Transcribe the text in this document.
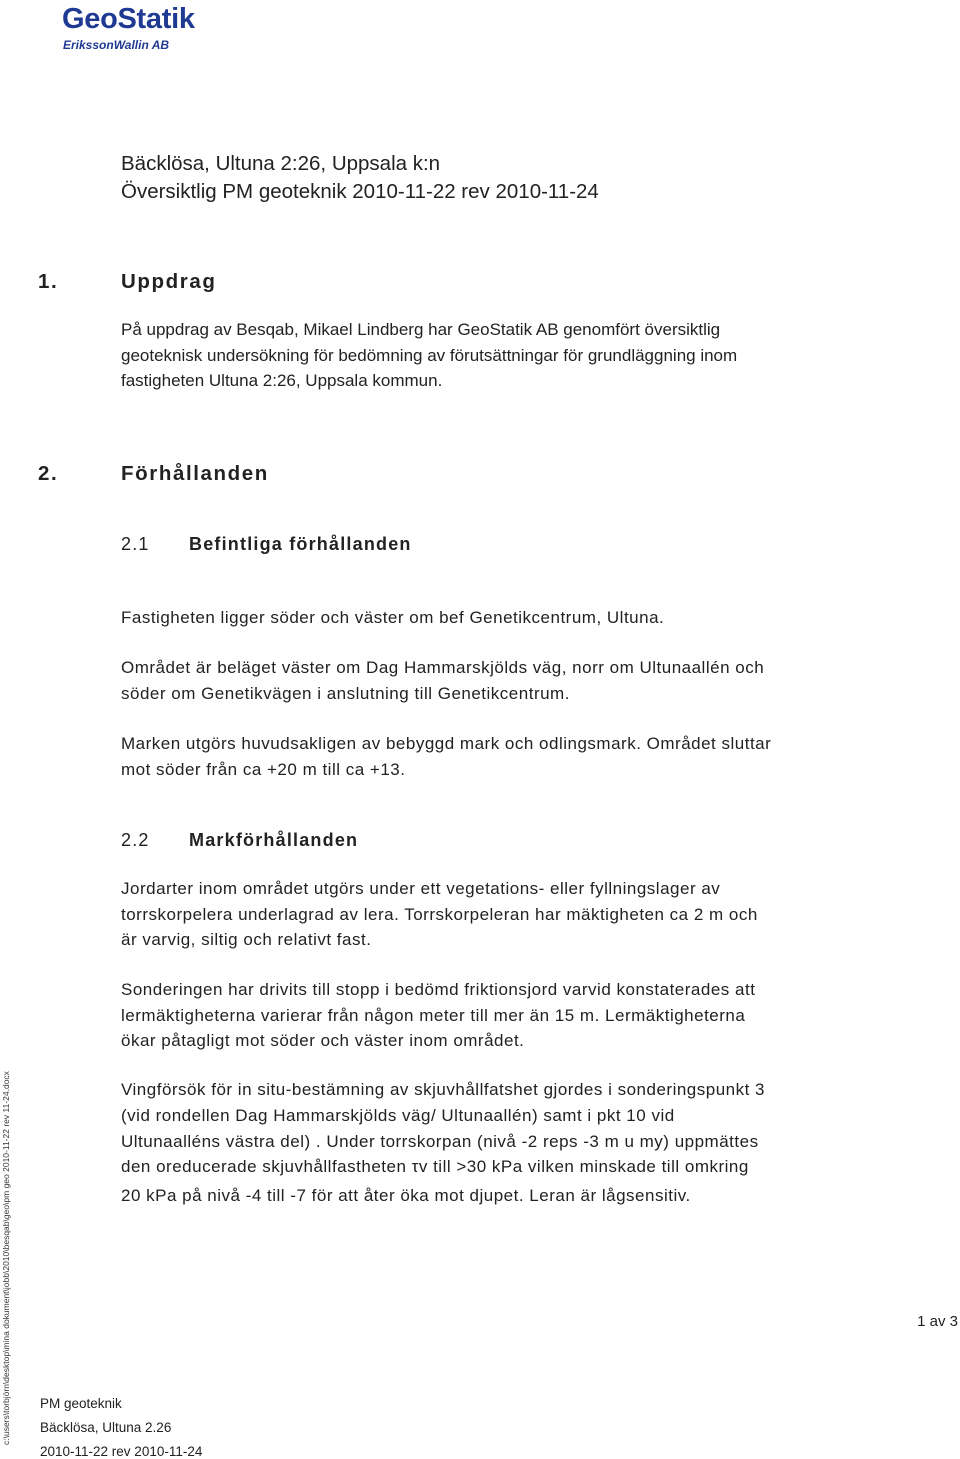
GeoStatik
ErikssonWallin AB
Bäcklösa, Ultuna 2:26, Uppsala k:n
Översiktlig PM geoteknik 2010-11-22 rev 2010-11-24
1.	Uppdrag
På uppdrag av Besqab, Mikael Lindberg har GeoStatik AB genomfört översiktlig
geoteknisk undersökning för bedömning av förutsättningar för grundläggning inom
fastigheten Ultuna 2:26, Uppsala kommun.
2.	Förhållanden
2.1 Befintliga förhållanden
Fastigheten ligger söder och väster om bef Genetikcentrum, Ultuna.
Området är beläget väster om Dag Hammarskjölds väg, norr om Ultunaallén och
söder om Genetikvägen i anslutning till Genetikcentrum.
Marken utgörs huvudsakligen av bebyggd mark och odlingsmark. Området sluttar
mot söder från ca +20 m till ca +13.
2.2 Markförhållanden
Jordarter inom området utgörs under ett vegetations- eller fyllningslager av
torrskorpelera underlagrad av lera. Torrskorpeleran har mäktigheten ca 2 m och
är varvig, siltig och relativt fast.
Sonderingen har drivits till stopp i bedömd friktionsjord varvid konstaterades att
lermäktigheterna varierar från någon meter till mer än 15 m. Lermäktigheterna
ökar påtagligt mot söder och väster inom området.
Vingförsök för in situ-bestämning av skjuvhållfatshet gjordes i sonderingspunkt 3
(vid rondellen Dag Hammarskjölds väg/ Ultunaallén) samt i pkt 10 vid
Ultunaalléns västra del) . Under torrskorpan (nivå -2 reps -3 m u my) uppmättes
den oreducerade skjuvhållfastheten τv till >30 kPa vilken minskade till omkring
20 kPa på nivå -4 till -7 för att åter öka mot djupet. Leran är lågsensitiv.
c:\users\torbjörn\desktop\mina dokument\jobb\2010\besqab\geo\pm geo 2010-11-22 rev 11-24.docx	1 av 3
PM geoteknik
Bäcklösa, Ultuna 2.26
2010-11-22 rev 2010-11-24
